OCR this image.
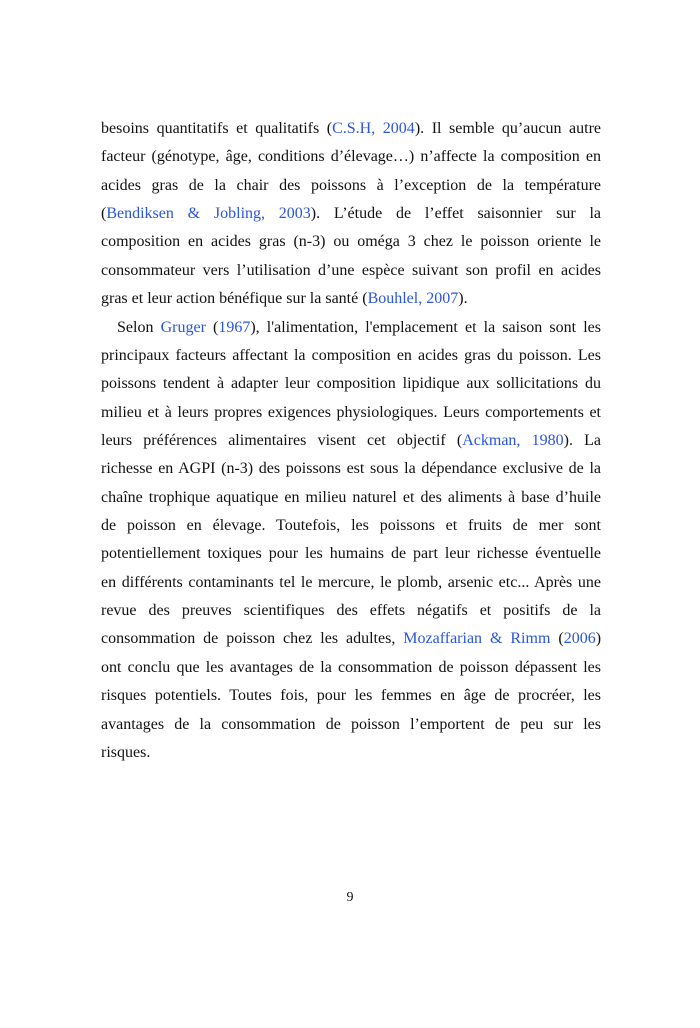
besoins quantitatifs et qualitatifs (C.S.H, 2004). Il semble qu’aucun autre
facteur (génotype, âge, conditions d’élevage…) n’affecte la composition en
acides gras de la chair des poissons à l’exception de la température
(Bendiksen & Jobling, 2003). L’étude de l’effet saisonnier sur la
composition en acides gras (n-3) ou oméga 3 chez le poisson oriente le
consommateur vers l’utilisation d’une espèce suivant son profil en acides
gras et leur action bénéfique sur la santé (Bouhlel, 2007).
Selon Gruger (1967), l'alimentation, l'emplacement et la saison sont les
principaux facteurs affectant la composition en acides gras du poisson. Les
poissons tendent à adapter leur composition lipidique aux sollicitations du
milieu et à leurs propres exigences physiologiques. Leurs comportements et
leurs préférences alimentaires visent cet objectif (Ackman, 1980). La
richesse en AGPI (n-3) des poissons est sous la dépendance exclusive de la
chaîne trophique aquatique en milieu naturel et des aliments à base d’huile
de poisson en élevage. Toutefois, les poissons et fruits de mer sont
potentiellement toxiques pour les humains de part leur richesse éventuelle
en différents contaminants tel le mercure, le plomb, arsenic etc... Après une
revue des preuves scientifiques des effets négatifs et positifs de la
consommation de poisson chez les adultes, Mozaffarian & Rimm (2006)
ont conclu que les avantages de la consommation de poisson dépassent les
risques potentiels. Toutes fois, pour les femmes en âge de procréer, les
avantages de la consommation de poisson l’emportent de peu sur les
risques.
9
